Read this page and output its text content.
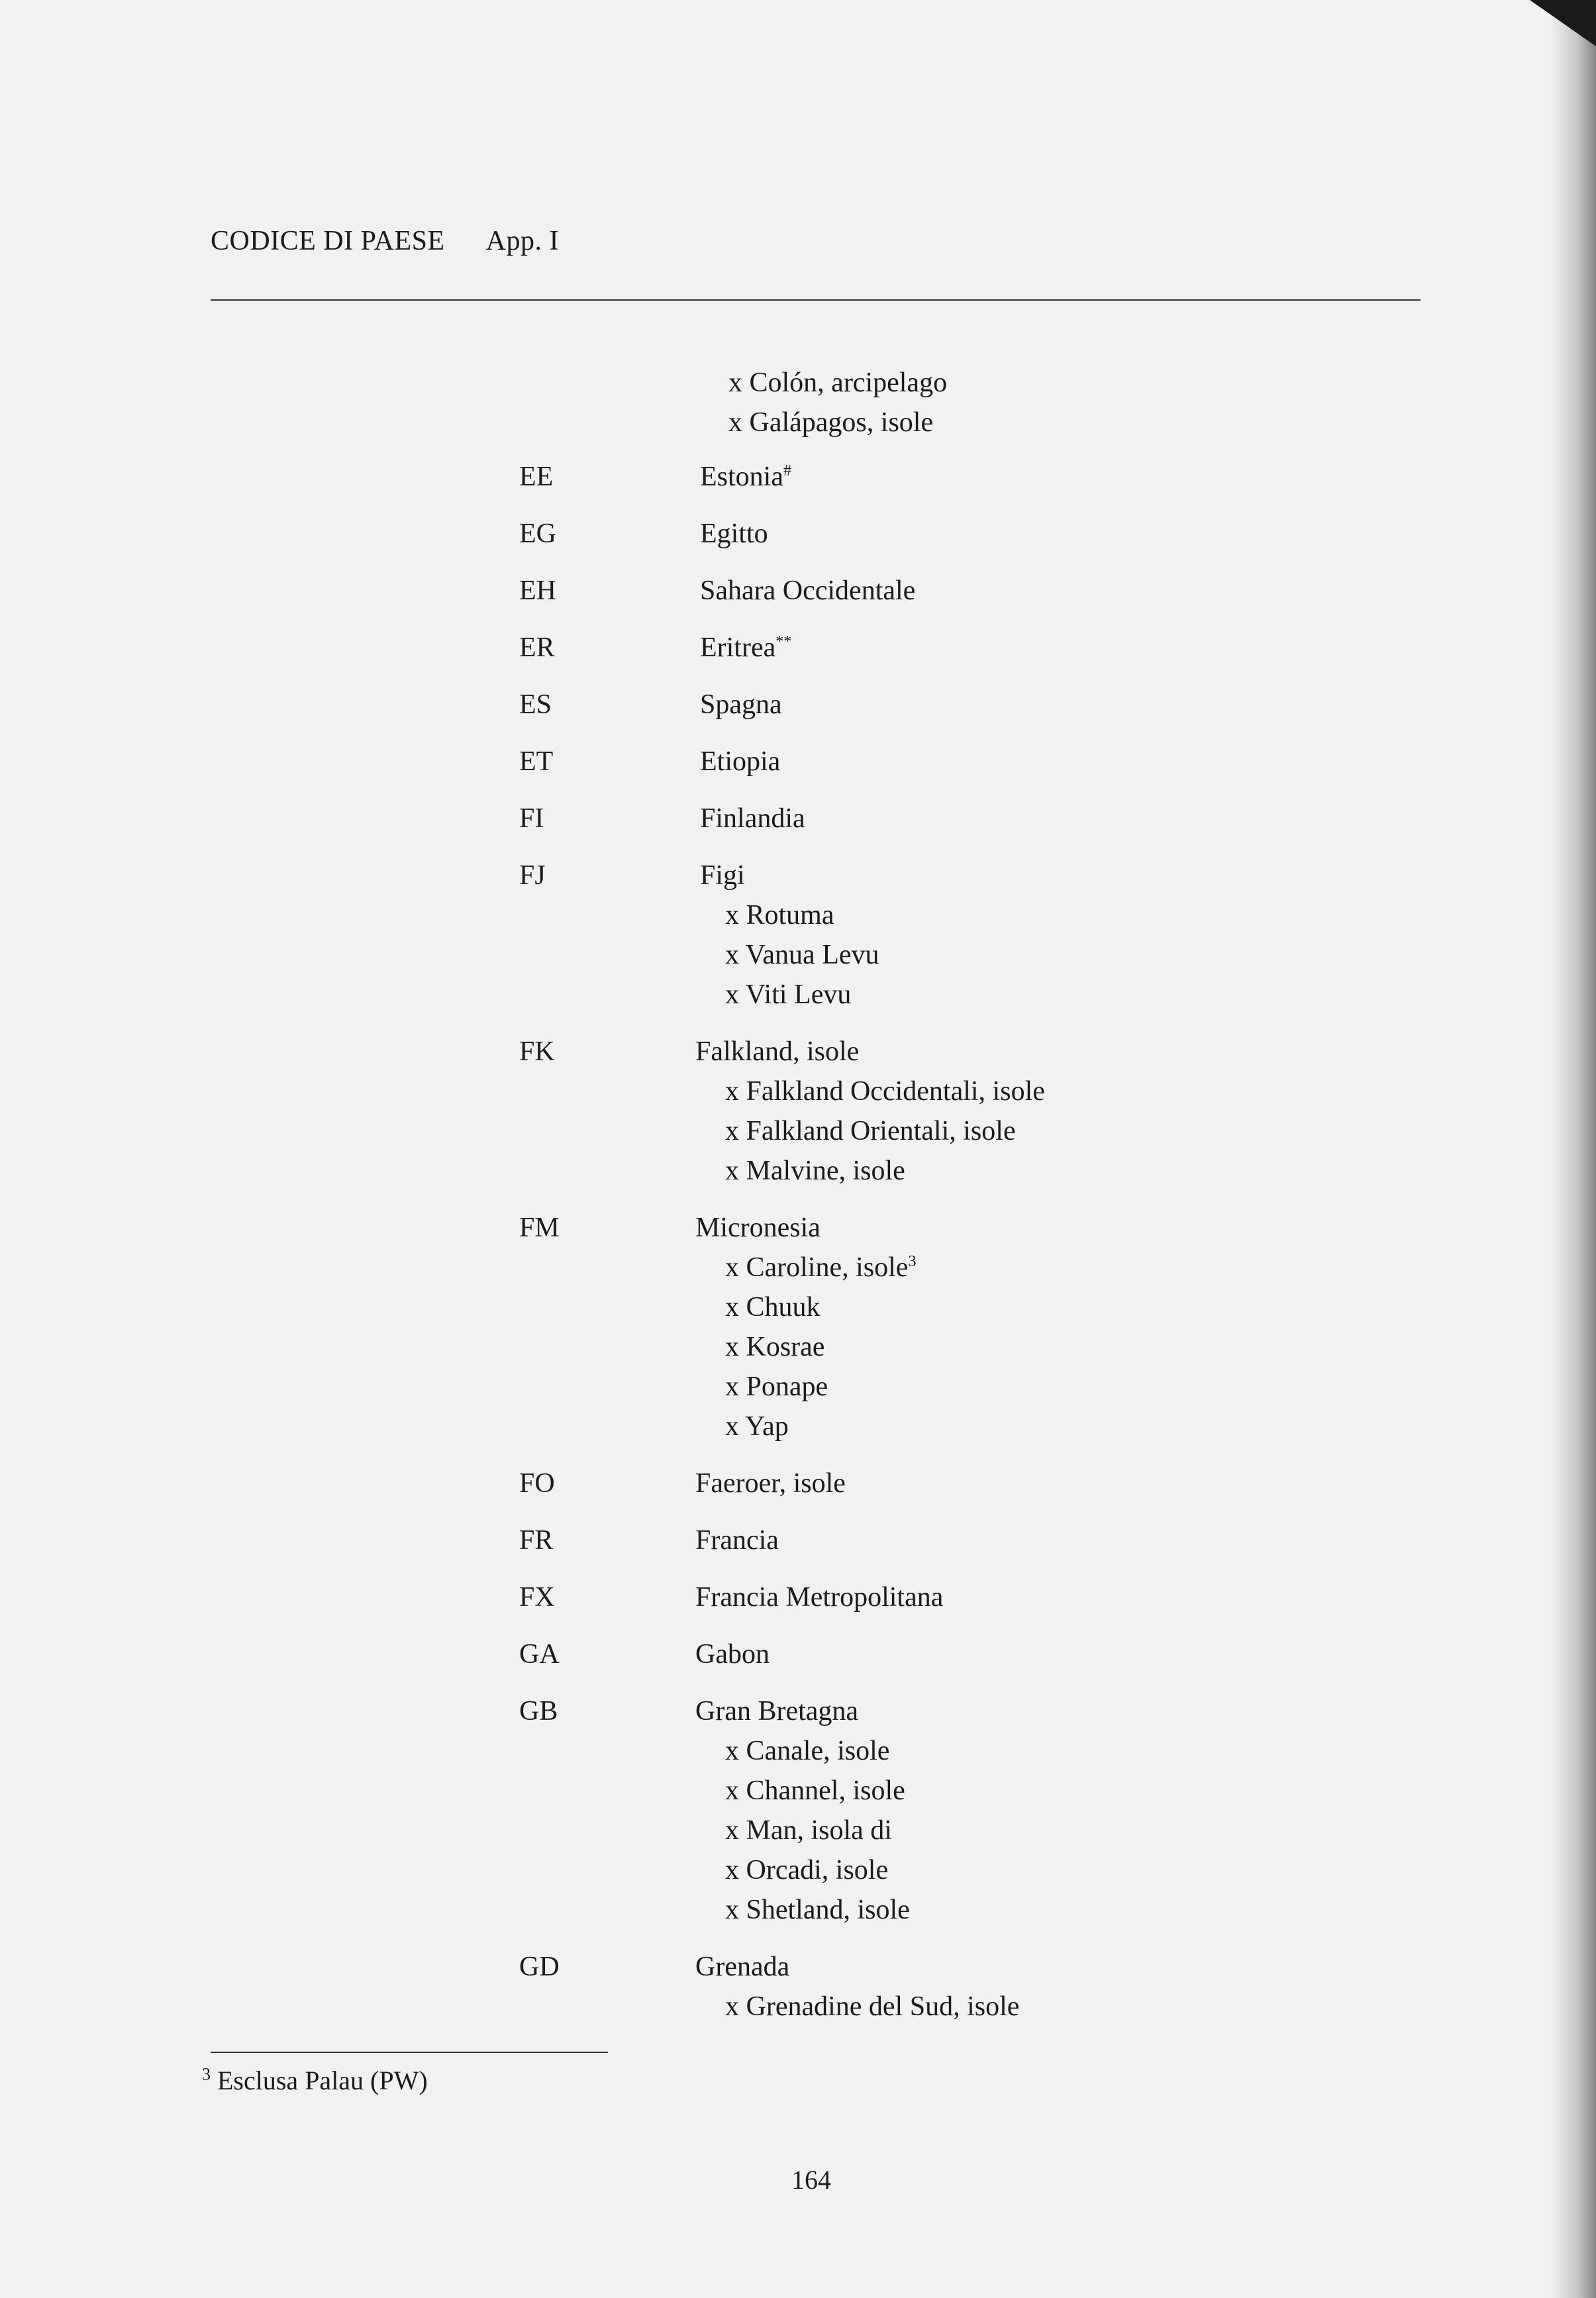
CODICE DI PAESE App. I
x Colón, arcipelago
x Galápagos, isole
EE	Estonia#
EG	Egitto
EH	Sahara Occidentale
ER	Eritrea**
ES	Spagna
ET	Etiopia
FI	Finlandia
FJ	Figi
x Rotuma
x Vanua Levu
x Viti Levu
FK	Falkland, isole
x Falkland Occidentali, isole
x Falkland Orientali, isole
x Malvine, isole
FM	Micronesia
x Caroline, isole$^3$
x Chuuk
x Kosrae
x Ponape
x Yap
FO	Faeroer, isole
FR	Francia
FX	Francia Metropolitana
GA	Gabon
GB	Gran Bretagna
x Canale, isole
x Channel, isole
x Man, isola di
x Orcadi, isole
x Shetland, isole
GD	Grenada
x Grenadine del Sud, isole
$^3$ Esclusa Palau (PW)
164
